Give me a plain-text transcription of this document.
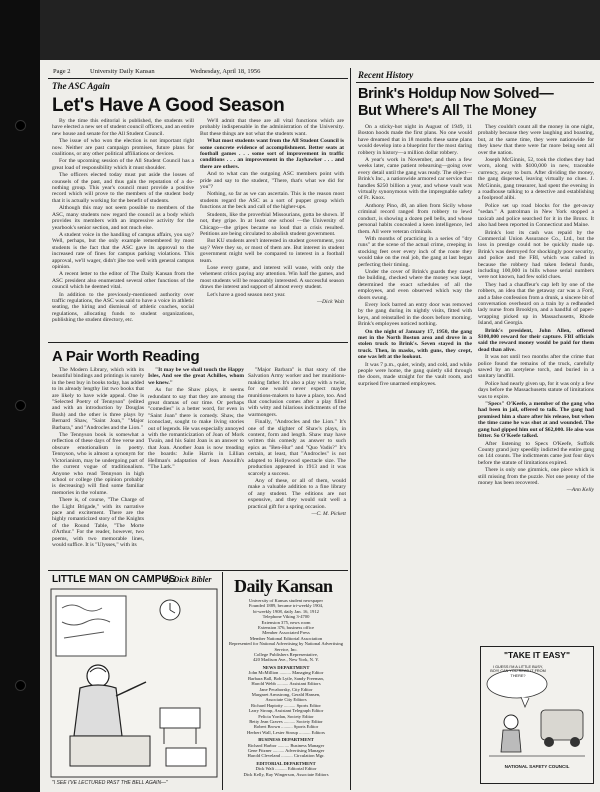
Page 2	University Daily Kansan	Wednesday, April 18, 1956
The ASC Again
Let's Have A Good Season

By the time this editorial is published, the students will have elected a new set of student council officers, and an entire new house and senate for the All Student Council.

The issue of who won the election is not important right now. Neither are past campaign promises, future plans for coalitions, or any other political affiliations or devices.

For the upcoming session of the All Student Council has a great load of responsibility which it must shoulder.

The officers elected today must put aside the losses of counsels of the past, and thus gain the reputation of a do-nothing group. This year's council must provide a positive record which will prove to the members of the student body that it is actually working for the benefit of students.

Although this may not seem possible to members of the ASC, many students now regard the council as a body which provides its members with an impressive activity for the yearbook's senior section, and not much else.

A student voice in the handling of campus affairs, you say? Well, perhaps, but the only example remembered by most students is the fact that the ASC gave its approval to the increased rate of fines for campus parking violations. This approval, we'll wager, didn't jibe too well with general campus opinion.

A recent letter to the editor of The Daily Kansan from the ASC president also enumerated several other functions of the council which he deemed vital.

In addition to the previously-mentioned authority over traffic regulations, the ASC was said to have a voice in athletic seating, the hiring and dismissal of athletic coaches, social regulations, allocating funds to student organizations, publishing the student directory, etc.

We'll admit that these are all vital functions which are probably indispensable in the administration of the University. But these things are not what the students want.

What most students want from the All Student Council is some concrete evidence of accomplishment. Better seats at football games . . . some sort of improvement in traffic conditions . . . an improvement in the Jayhawker . . . and there are others.

And to what can the outgoing ASC members point with pride and say to the student, "There, that's what we did for you"?

Nothing, so far as we can ascertain. This is the reason most students regard the ASC as a sort of puppet group which functions at the beck and call of the higher-ups.

Students, like the proverbial Missourians, gotta be shown. If not, they gripe. In at least one school —the University of Chicago—the gripes became so loud that a crisis resulted. Petitions are being circulated to abolish student government.

But KU students aren't interested in student government, you say? Were they so, or most of them are. But interest in student government might well be compared to interest in a football team.

Lose every game, and interest will wane, with only the vehement critics paying any attention. Win half the games, and most students will be reasonably interested. A successful season draws the interest and support of almost every student.

Let's have a good season next year.

—Dick Walt
A Pair Worth Reading

The Modern Library, which with its beautiful bindings and printings is surely in the best buy in books today, has added to its already lengthy list two books that are likely to have wide appeal. One is "Selected Poetry of Tennyson" (edited and with an introduction by Douglas Bush) and the other is three plays by Bernard Shaw, "Saint Joan," "Major Barbara," and "Androcles and the Lion."

The Tennyson book is somewhat a reflection of these days of free verse and obscure emotionalism in poetry. Tennyson, who is almost a synonym for Victorianism, may be undergoing part of the current vogue of traditionalism. Anyone who read Tennyson in high school or college (the opinion probably is decreasing) will find some familiar memories in the volume.

There is, of course, "The Charge of the Light Brigade," with its narrative pace and excitement. There are the highly romanticized story of the Knights of the Round Table, "The Morte d'Arthur." For the reader, however, two poems, with two memorable lines, would suffice. It is "Ulysses," with its

"It may be we shall touch the Happy Isles, And see the great Achilles, whom we knew."

As for the Shaw plays, it seems redundant to say that they are among the great dramas of our time. Or perhaps "comedies" is a better word, for even in "Saint Joan" there is comedy. Shaw, the iconoclast, sought to make living stories out of legends. He was especially annoyed with the romanticization of Joan of Mork Twain, and his Saint Joan is an answer to that Joan. Another Joan is now treading the boards: Julie Harris in Lillian Hellman's adaptation of Jean Anouilh's "The Lark."

"Major Barbara" is that story of the Salvation Army worker and her munitions-making father. It's also a play with a twist, for one would never expect maybe munitions-makers to have a place, too. And that conclusion comes after a play filled with witty and hilarious indictments of the warmongers.

Finally, "Androcles and the Lion." It's one of the slighter of Shaw's plays, in content, form and length. Shaw may have written this comedy as answer to such epics as "Ben-Hur" and "Quo Vadis?" It's certain, at least, that "Androcles" is not adapted to Hollywood spectacle size. The production appeared in 1913 and it was scarcely a success.

Any of these, or all of them, would make a valuable addition to a fine library of any student. The editions are not expensive, and they would suit well a practical gift for a spring occasion.

—C. M. Pickett
LITTLE MAN ON CAMPUS
by Dick Bibler
"I SEE I'VE LECTURED PAST THE BELL AGAIN—"
Daily Kansan
University of Kansas student newspaper
Founded 1889, became tri-weekly 1904,
bi-weekly 1908, daily Jan. 16, 1912
Telephone Viking 3-4700
Extension 375, news room
Extension 376, business office
Member Associated Press
Member National Editorial Association
Represented for National Advertising by National Advertising Service, Inc.
College Publishers Representative,
420 Madison Ave., New York, N. Y.
NEWS DEPARTMENT
John McMillion .......... Managing Editor
Barbara Ball, Bob Lytle, Sandy Freeman,
Harold Webb .......... Assistant Editors
Jane Pecaborsky, City Editor
Margaret Armstrong, Gerald Hansen,
Associate City Editors
Richard Hapiotty .......... Sports Editor
Larry Stroup, Assistant Telegraph Editor
Felicia Yordan, Society Editor
Betty Jean Graves .......... Society Editor
Robert Brown .......... Sports Editor
Herbert Wall, Lester Stroup .......... Editors
BUSINESS DEPARTMENT
Richard Harbor .......... Business Manager
Gene Fitzner .......... Advertising Manager
Harold Cleveland .......... Circulation Mgr.
EDITORIAL DEPARTMENT
Dick Walt .......... Editorial Editor
Dick Kelly, Ray Wingerson, Associate Editors
Recent History
Brink's Holdup Now Solved—
But Where's All The Money

On a sticky-hot night in August of 1949, 11 Boston hoods made the first plans. No one would have dreamed that in 18 months these same plans would develop into a blueprint for the most daring robbery in history—a million dollar robbery.

A year's work in November, and then a few weeks later, came patient rehearsing—going over every detail until the gang was ready. The object—Brink's Inc., a nationwide armored car service that handles $250 billion a year, and whose vault was virtually synonymous with the impregnable safety of Ft. Knox.

Anthony Pino, 48, an alien from Sicily whose criminal record ranged from robbery to lewd conduct, is showing a dozen pell bells, and whose personal habits concealed a keen intelligence, led them. All were veteran criminals.

With months of practicing in a series of "dry runs" at the scene of the actual crime, creeping in stocking feet over every inch of the route they would take on the real job, the gang at last began perfecting their timing.

Under the cover of Brink's guards they cased the building, checked where the money was kept, determined the exact schedules of all the employees, and even observed which way the doors swung.

Every lock barred an entry door was removed by the gang during its nightly visits, fitted with keys, and reinstalled in the doors before morning. Brink's employees noticed nothing.

On the night of January 17, 1950, the gang met in the North Boston area and drove in a stolen truck to Brink's. Seven stayed in the truck. Then, in masks, with guns, they crept, one was left at the lookout.

It was 7 p.m., quiet, windy, and cold, and while people were home, the gang quietly slid through the doors, made straight for the vault room, and surprised five unarmed employees.

They couldn't count all the money in one night, probably because they were laughing and boasting, but, at the same time, they were nationwide for they knew that there were far more being sent all over the nation.

Joseph McGinnis, 52, took the clothes they had worn, along with $100,000 in new, traceable currency, away to burn. After dividing the money, the gang dispersed, leaving virtually no clues. J. McGinnis, gang treasurer, had spent the evening in a roadhouse talking to a detective and establishing a foolproof alibi.

Police set up road blocks for the get-away "sedan." A patrolman in New York stopped a taxicab and police searched for it in the Bronx. It also had been reported in Connecticut and Maine.

Brink's lost its cash was repaid by the Commercial Union Assurance Co., Ltd., but the loss in prestige could not be quickly made up. Brink's was destroyed for shockingly poor security, and police and the FBI, which was called in because the robbery had taken federal funds, including 100,000 in bills whose serial numbers were not known, had few solid clues.

They had a chauffeur's cap left by one of the robbers, an idea that the getaway car was a Ford, and a false confession from a drunk, a sincere bit of conversation overheard on a train by a redheaded lady nurse from Brooklyn, and a handful of paper-wrapping picked up in Massachusetts, Rhode Island, and Georgia.

Brink's president, John Allen, offered $100,000 reward for their capture. FBI officials said the reward money would be paid for them dead than alive.

It was not until two months after the crime that police found the remains of the truck, carefully sawed by an acetylene torch, and buried in a sanitary landfill.

Police had nearly given up, for it was only a few days before the Massachusetts statute of limitations was to expire.

"Specs" O'Keefe, a member of the gang who had been in jail, offered to talk. The gang had promised him a share after his release, but when the time came he was shot at and wounded. The gang had gipped him out of $62,000. He also was bitter. So O'Keefe talked.

After listening to Specs O'Keefe, Suffolk County grand jury speedily indicted the entire gang on 144 counts. The indictments came just four days before the statute of limitations expired.

There is only one gimmick, one piece which is still missing from the puzzle. Not one penny of the money has been recovered.

—Ann Kelly
"TAKE IT EASY"
I GUESS I'M A LITTLE BUSY, BOY! CAN YOU READ IT FROM THERE?
NATIONAL SAFETY COUNCIL
